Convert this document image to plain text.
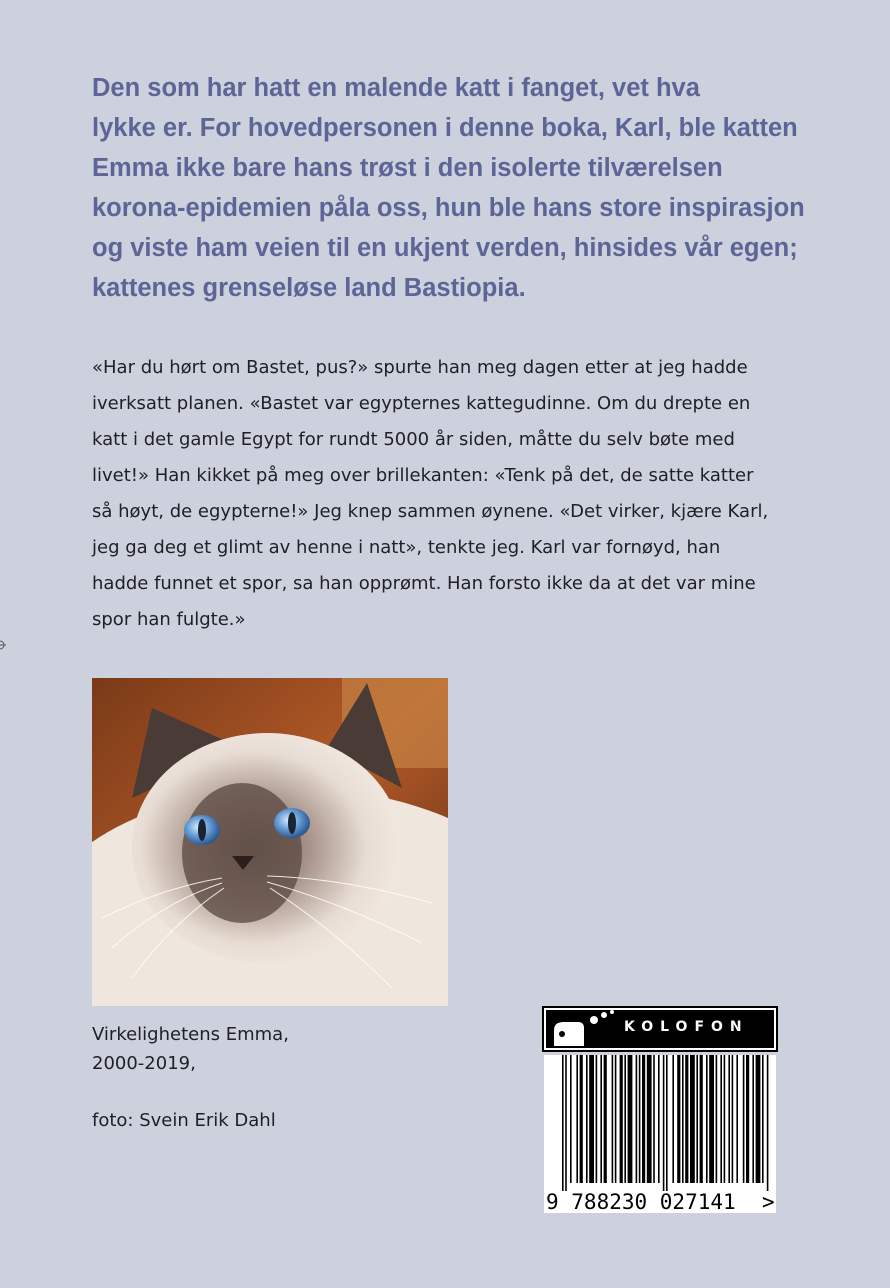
Den som har hatt en malende katt i fanget, vet hva
lykke er. For hovedpersonen i denne boka, Karl, ble katten
Emma ikke bare hans trøst i den isolerte tilværelsen
korona-epidemien påla oss, hun ble hans store inspirasjon
og viste ham veien til en ukjent verden, hinsides vår egen;
kattenes grenseløse land Bastiopia.

«Har du hørt om Bastet, pus?» spurte han meg dagen etter at jeg hadde
iverksatt planen. «Bastet var egypternes kattegudinne. Om du drepte en
katt i det gamle Egypt for rundt 5000 år siden, måtte du selv bøte med
livet!» Han kikket på meg over brillekanten: «Tenk på det, de satte katter
så høyt, de egypterne!» Jeg knep sammen øynene. «Det virker, kjære Karl,
jeg ga deg et glimt av henne i natt», tenkte jeg. Karl var fornøyd, han
hadde funnet et spor, sa han opprømt. Han forsto ikke da at det var mine
spor han fulgte.»

Virkelighetens Emma,
2000-2019,
foto: Svein Erik Dahl
KOLOFON
9 788230 027141 >
